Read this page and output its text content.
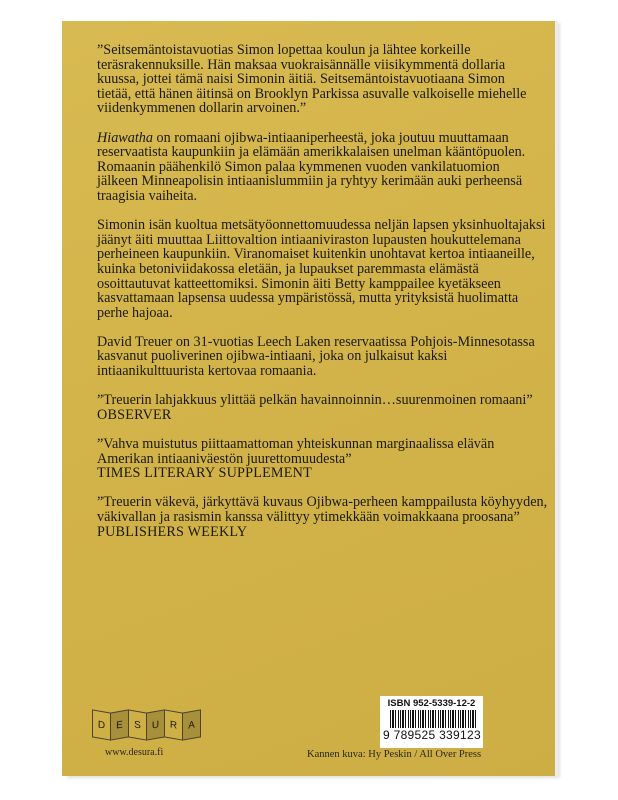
”Seitsemäntoistavuotias Simon lopettaa koulun ja lähtee korkeille
teräsrakennuksille. Hän maksaa vuokraisännälle viisikymmentä dollaria
kuussa, jottei tämä naisi Simonin äitiä. Seitsemäntoistavuotiaana Simon
tietää, että hänen äitinsä on Brooklyn Parkissa asuvalle valkoiselle miehelle
viidenkymmenen dollarin arvoinen.”

Hiawatha on romaani ojibwa-intiaaniperheestä, joka joutuu muuttamaan
reservaatista kaupunkiin ja elämään amerikkalaisen unelman kääntöpuolen.
Romaanin päähenkilö Simon palaa kymmenen vuoden vankilatuomion
jälkeen Minneapolisin intiaanislummiin ja ryhtyy kerimään auki perheensä
traagisia vaiheita.

Simonin isän kuoltua metsätyöonnettomuudessa neljän lapsen yksinhuoltajaksi
jäänyt äiti muuttaa Liittovaltion intiaaniviraston lupausten houkuttelemana
perheineen kaupunkiin. Viranomaiset kuitenkin unohtavat kertoa intiaaneille,
kuinka betoniviidakossa eletään, ja lupaukset paremmasta elämästä
osoittautuvat katteettomiksi. Simonin äiti Betty kamppailee kyetäkseen
kasvattamaan lapsensa uudessa ympäristössä, mutta yrityksistä huolimatta
perhe hajoaa.

David Treuer on 31-vuotias Leech Laken reservaatissa Pohjois-Minnesotassa
kasvanut puoliverinen ojibwa-intiaani, joka on julkaisut kaksi
intiaanikulttuurista kertovaa romaania.

”Treuerin lahjakkuus ylittää pelkän havainnoinnin…suurenmoinen romaani”
OBSERVER

”Vahva muistutus piittaamattoman yhteiskunnan marginaalissa elävän
Amerikan intiaaniväestön juurettomuudesta”
TIMES LITERARY SUPPLEMENT

”Treuerin väkevä, järkyttävä kuvaus Ojibwa-perheen kamppailusta köyhyyden,
väkivallan ja rasismin kanssa välittyy ytimekkään voimakkaana proosana”
PUBLISHERS WEEKLY

D	E	S	U	R	A
www.desura.fi
ISBN 952-5339-12-2
9 789525 339123
Kannen kuva: Hy Peskin / All Over Press
